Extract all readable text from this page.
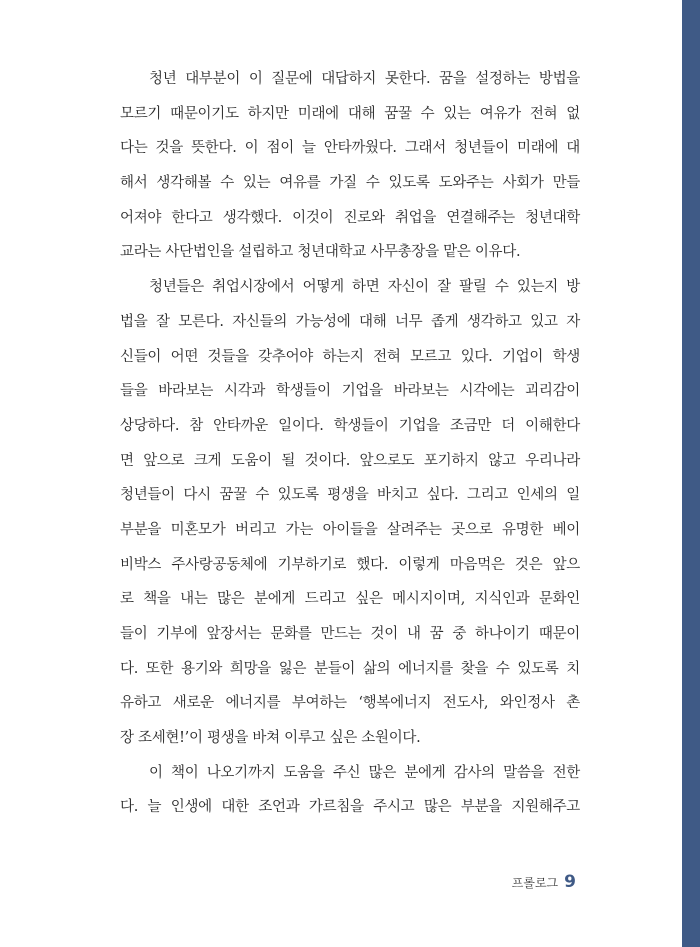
청년 대부분이 이 질문에 대답하지 못한다. 꿈을 설정하는 방법을
모르기 때문이기도 하지만 미래에 대해 꿈꿀 수 있는 여유가 전혀 없
다는 것을 뜻한다. 이 점이 늘 안타까웠다. 그래서 청년들이 미래에 대
해서 생각해볼 수 있는 여유를 가질 수 있도록 도와주는 사회가 만들
어져야 한다고 생각했다. 이것이 진로와 취업을 연결해주는 청년대학
교라는 사단법인을 설립하고 청년대학교 사무총장을 맡은 이유다.
청년들은 취업시장에서 어떻게 하면 자신이 잘 팔릴 수 있는지 방
법을 잘 모른다. 자신들의 가능성에 대해 너무 좁게 생각하고 있고 자
신들이 어떤 것들을 갖추어야 하는지 전혀 모르고 있다. 기업이 학생
들을 바라보는 시각과 학생들이 기업을 바라보는 시각에는 괴리감이
상당하다. 참 안타까운 일이다. 학생들이 기업을 조금만 더 이해한다
면 앞으로 크게 도움이 될 것이다. 앞으로도 포기하지 않고 우리나라
청년들이 다시 꿈꿀 수 있도록 평생을 바치고 싶다. 그리고 인세의 일
부분을 미혼모가 버리고 가는 아이들을 살려주는 곳으로 유명한 베이
비박스 주사랑공동체에 기부하기로 했다. 이렇게 마음먹은 것은 앞으
로 책을 내는 많은 분에게 드리고 싶은 메시지이며, 지식인과 문화인
들이 기부에 앞장서는 문화를 만드는 것이 내 꿈 중 하나이기 때문이
다. 또한 용기와 희망을 잃은 분들이 삶의 에너지를 찾을 수 있도록 치
유하고 새로운 에너지를 부여하는 ‘행복에너지 전도사, 와인정사 촌
장 조세현!’이 평생을 바쳐 이루고 싶은 소원이다.
이 책이 나오기까지 도움을 주신 많은 분에게 감사의 말씀을 전한
다. 늘 인생에 대한 조언과 가르침을 주시고 많은 부분을 지원해주고
프롤로그 9
